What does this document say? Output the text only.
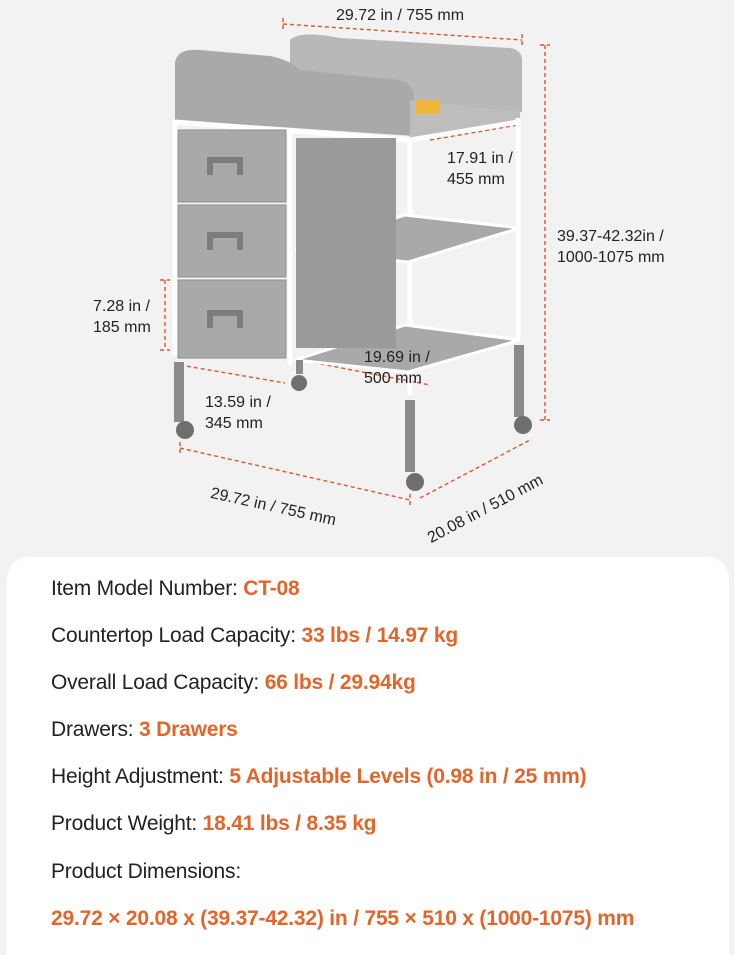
29.72 in / 755 mm
17.91 in /
455 mm
39.37-42.32in /
1000-1075 mm
7.28 in /
185 mm
19.69 in /
500 mm
13.59 in /
345 mm
29.72 in / 755 mm	20.08 in / 510 mm
Item Model Number: CT-08
Countertop Load Capacity: 33 lbs / 14.97 kg
Overall Load Capacity: 66 lbs / 29.94kg
Drawers: 3 Drawers
Height Adjustment: 5 Adjustable Levels (0.98 in / 25 mm)
Product Weight: 18.41 lbs / 8.35 kg
Product Dimensions:
29.72 × 20.08 x (39.37-42.32) in / 755 × 510 x (1000-1075) mm
